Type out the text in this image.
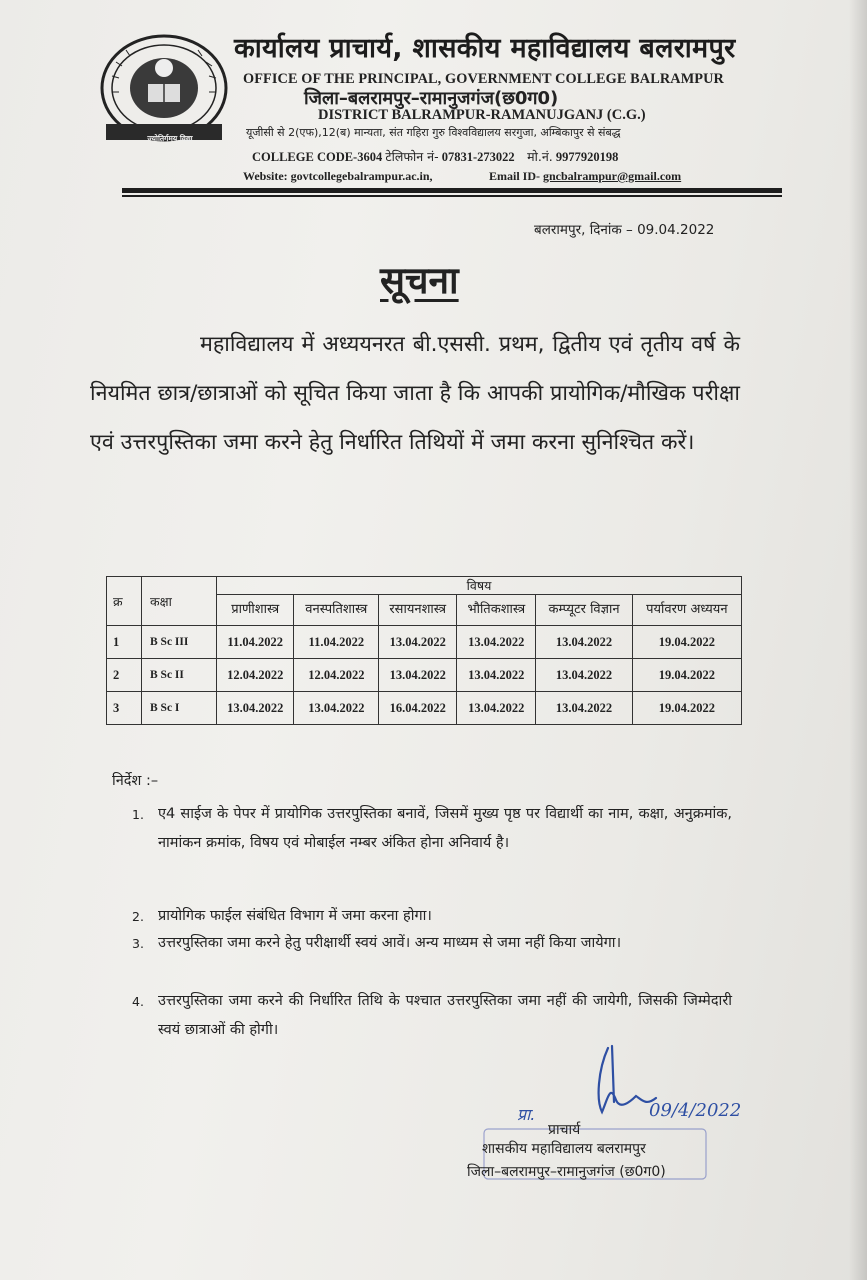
ज्योतिर्गमय विद्या
कार्यालय प्राचार्य, शासकीय महाविद्यालय बलरामपुर
OFFICE OF THE PRINCIPAL, GOVERNMENT COLLEGE BALRAMPUR
जिला–बलरामपुर–रामानुजगंज(छ0ग0)
DISTRICT BALRAMPUR-RAMANUJGANJ (C.G.)
यूजीसी से 2(एफ),12(ब) मान्यता, संत गहिरा गुरु विश्वविद्यालय सरगुजा, अम्बिकापुर से संबद्ध
COLLEGE CODE-3604 टेलिफोन नं- 07831-273022 मो.नं. 9977920198
Website: govtcollegebalrampur.ac.in,	Email ID- gncbalrampur@gmail.com
बलरामपुर, दिनांक – 09.04.2022
सूचना
महाविद्यालय में अध्ययनरत बी.एससी. प्रथम, द्वितीय एवं तृतीय वर्ष के नियमित छात्र/छात्राओं को सूचित किया जाता है कि आपकी प्रायोगिक/मौखिक परीक्षा एवं उत्तरपुस्तिका जमा करने हेतु निर्धारित तिथियों में जमा करना सुनिश्चित करें।
क्र	कक्षा	विषय					
		प्राणीशास्त्र	वनस्पतिशास्त्र	रसायनशास्त्र	भौतिकशास्त्र	कम्प्यूटर विज्ञान	पर्यावरण अध्ययन
1	B Sc III	11.04.2022	11.04.2022	13.04.2022	13.04.2022	13.04.2022	19.04.2022
2	B Sc II	12.04.2022	12.04.2022	13.04.2022	13.04.2022	13.04.2022	19.04.2022
3	B Sc I	13.04.2022	13.04.2022	16.04.2022	13.04.2022	13.04.2022	19.04.2022
निर्देश :–
1. ए4 साईज के पेपर में प्रायोगिक उत्तरपुस्तिका बनावें, जिसमें मुख्य पृष्ठ पर विद्यार्थी का नाम, कक्षा, अनुक्रमांक, नामांकन क्रमांक, विषय एवं मोबाईल नम्बर अंकित होना अनिवार्य है।
2. प्रायोगिक फाईल संबंधित विभाग में जमा करना होगा।
3. उत्तरपुस्तिका जमा करने हेतु परीक्षार्थी स्वयं आवें। अन्य माध्यम से जमा नहीं किया जायेगा।
4. उत्तरपुस्तिका जमा करने की निर्धारित तिथि के पश्चात उत्तरपुस्तिका जमा नहीं की जायेगी, जिसकी जिम्मेदारी स्वयं छात्राओं की होगी।
प्रा.	09/4/2022
प्राचार्य
शासकीय महाविद्यालय बलरामपुर
जिला–बलरामपुर–रामानुजगंज (छ0ग0)
